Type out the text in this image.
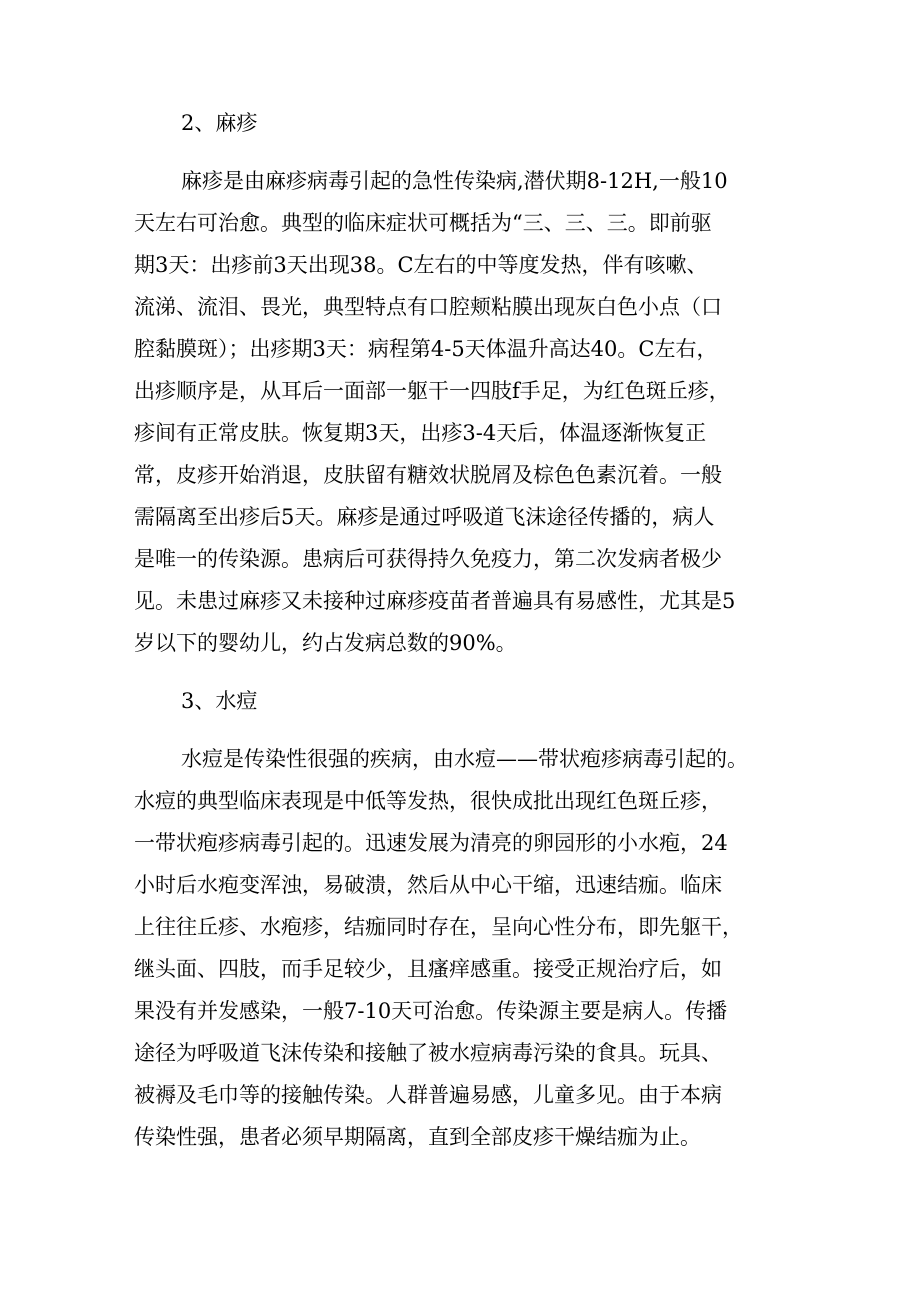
2、麻疹
麻疹是由麻疹病毒引起的急性传染病,潜伏期8-12H,一般10
天左右可治愈。典型的临床症状可概括为“三、三、三。即前驱
期3天：出疹前3天出现38。C左右的中等度发热，伴有咳嗽、
流涕、流泪、畏光，典型特点有口腔颊粘膜出现灰白色小点（口
腔黏膜斑）；出疹期3天：病程第4-5天体温升高达40。C左右，
出疹顺序是，从耳后一面部一躯干一四肢f手足，为红色斑丘疹，
疹间有正常皮肤。恢复期3天，出疹3-4天后，体温逐渐恢复正
常，皮疹开始消退，皮肤留有糖效状脱屑及棕色色素沉着。一般
需隔离至出疹后5天。麻疹是通过呼吸道飞沫途径传播的，病人
是唯一的传染源。患病后可获得持久免疫力，第二次发病者极少
见。未患过麻疹又未接种过麻疹疫苗者普遍具有易感性，尤其是5
岁以下的婴幼儿，约占发病总数的90%。
3、水痘
水痘是传染性很强的疾病，由水痘——带状疱疹病毒引起的。
水痘的典型临床表现是中低等发热，很快成批出现红色斑丘疹，
一带状疱疹病毒引起的。迅速发展为清亮的卵园形的小水疱，24
小时后水疱变浑浊，易破溃，然后从中心干缩，迅速结痂。临床
上往往丘疹、水疱疹，结痂同时存在，呈向心性分布，即先躯干，
继头面、四肢，而手足较少，且瘙痒感重。接受正规治疗后，如
果没有并发感染，一般7-10天可治愈。传染源主要是病人。传播
途径为呼吸道飞沫传染和接触了被水痘病毒污染的食具。玩具、
被褥及毛巾等的接触传染。人群普遍易感，儿童多见。由于本病
传染性强，患者必须早期隔离，直到全部皮疹干燥结痂为止。
